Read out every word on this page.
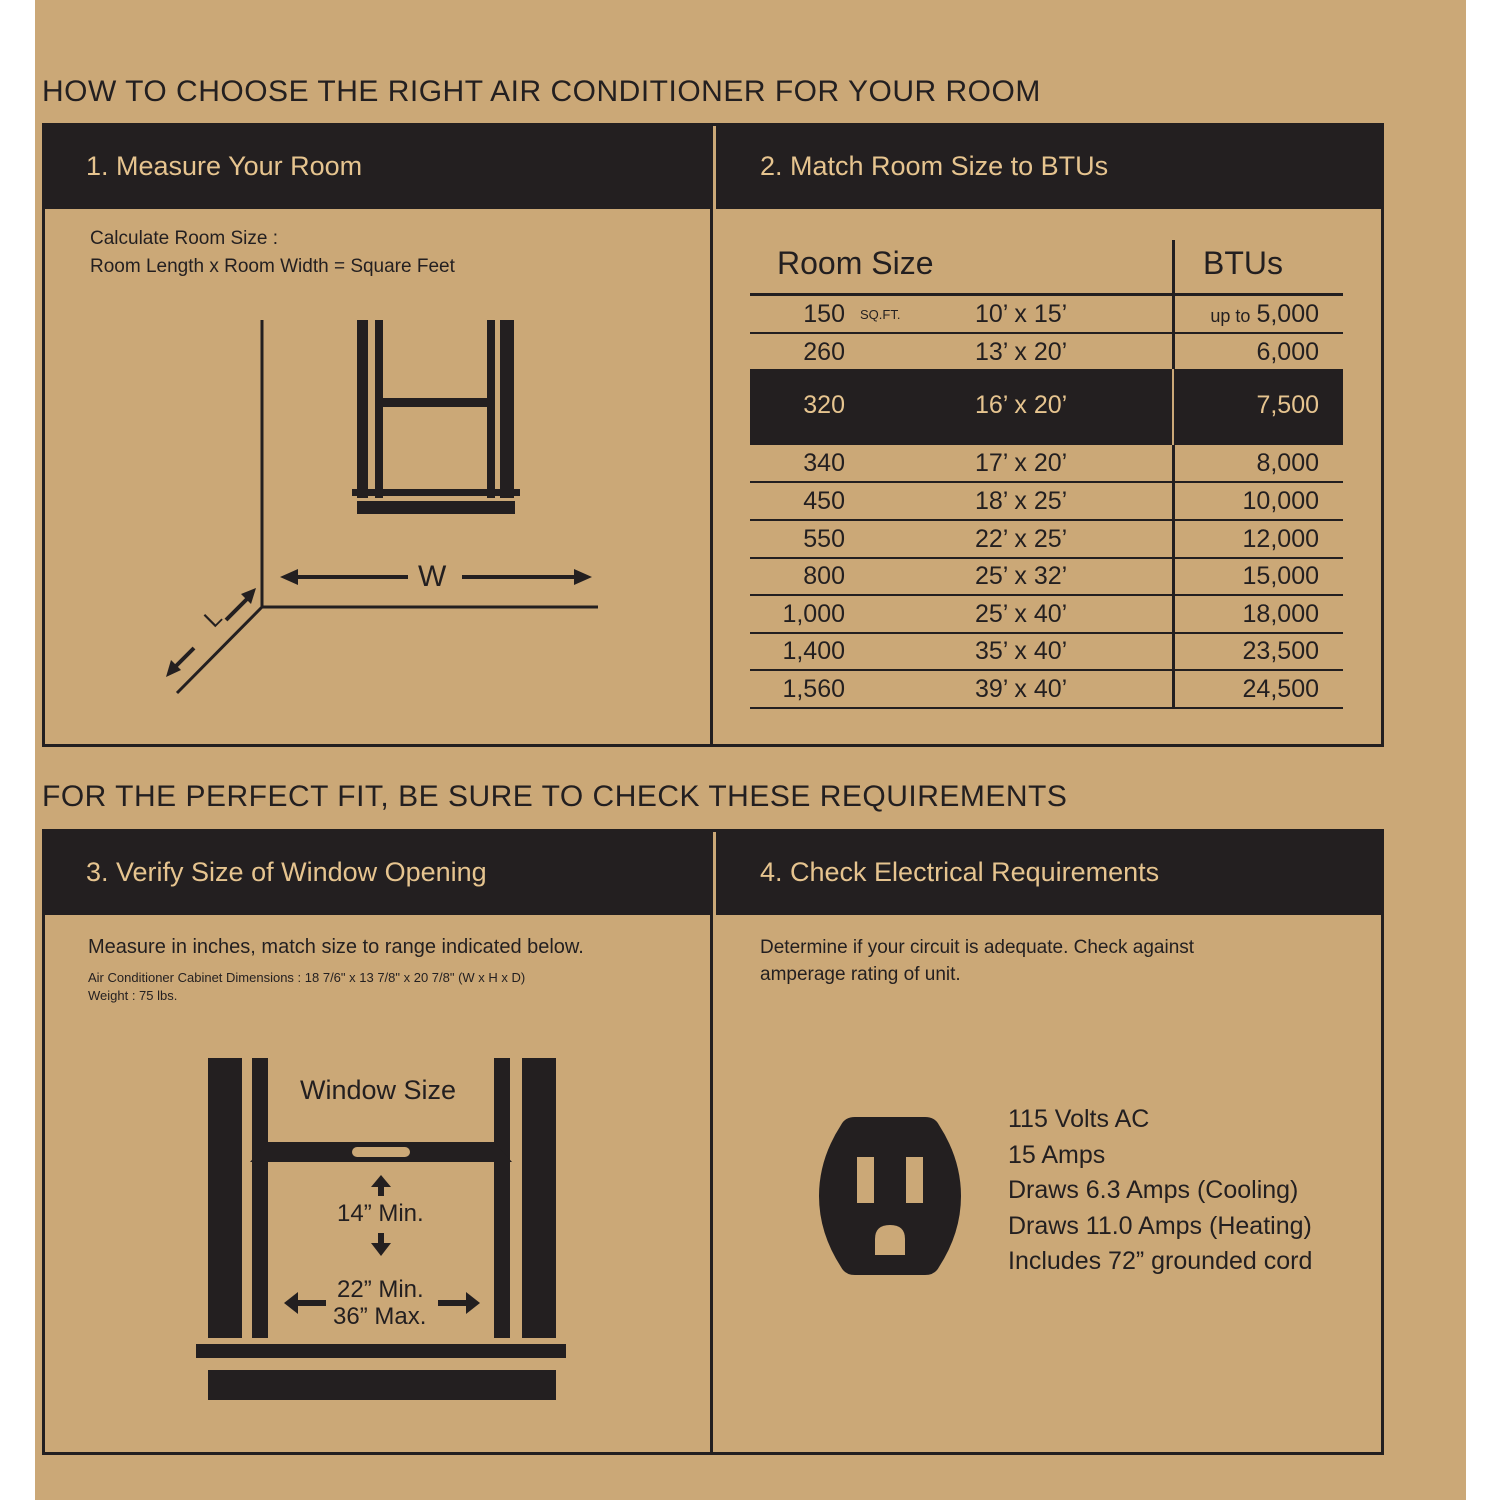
HOW TO CHOOSE THE RIGHT AIR CONDITIONER FOR YOUR ROOM
1. Measure Your Room	2. Match Room Size to BTUs
Calculate Room Size :
Room Length x Room Width = Square Feet
W
L
Room Size	BTUs
150 SQ.FT.	10’ x 15’	up to 5,000
260	13’ x 20’	6,000
320	16’ x 20’	7,500
340	17’ x 20’	8,000
450	18’ x 25’	10,000
550	22’ x 25’	12,000
800	25’ x 32’	15,000
1,000	25’ x 40’	18,000
1,400	35’ x 40’	23,500
1,560	39’ x 40’	24,500
FOR THE PERFECT FIT, BE SURE TO CHECK THESE REQUIREMENTS
3. Verify Size of Window Opening	4. Check Electrical Requirements
Measure in inches, match size to range indicated below.
Air Conditioner Cabinet Dimensions : 18 7/6" x 13 7/8" x 20 7/8" (W x H x D)
Weight : 75 lbs.
Window Size
14” Min.
22” Min.
36” Max.
Determine if your circuit is adequate. Check against
amperage rating of unit.
115 Volts AC
15 Amps
Draws 6.3 Amps (Cooling)
Draws 11.0 Amps (Heating)
Includes 72” grounded cord
